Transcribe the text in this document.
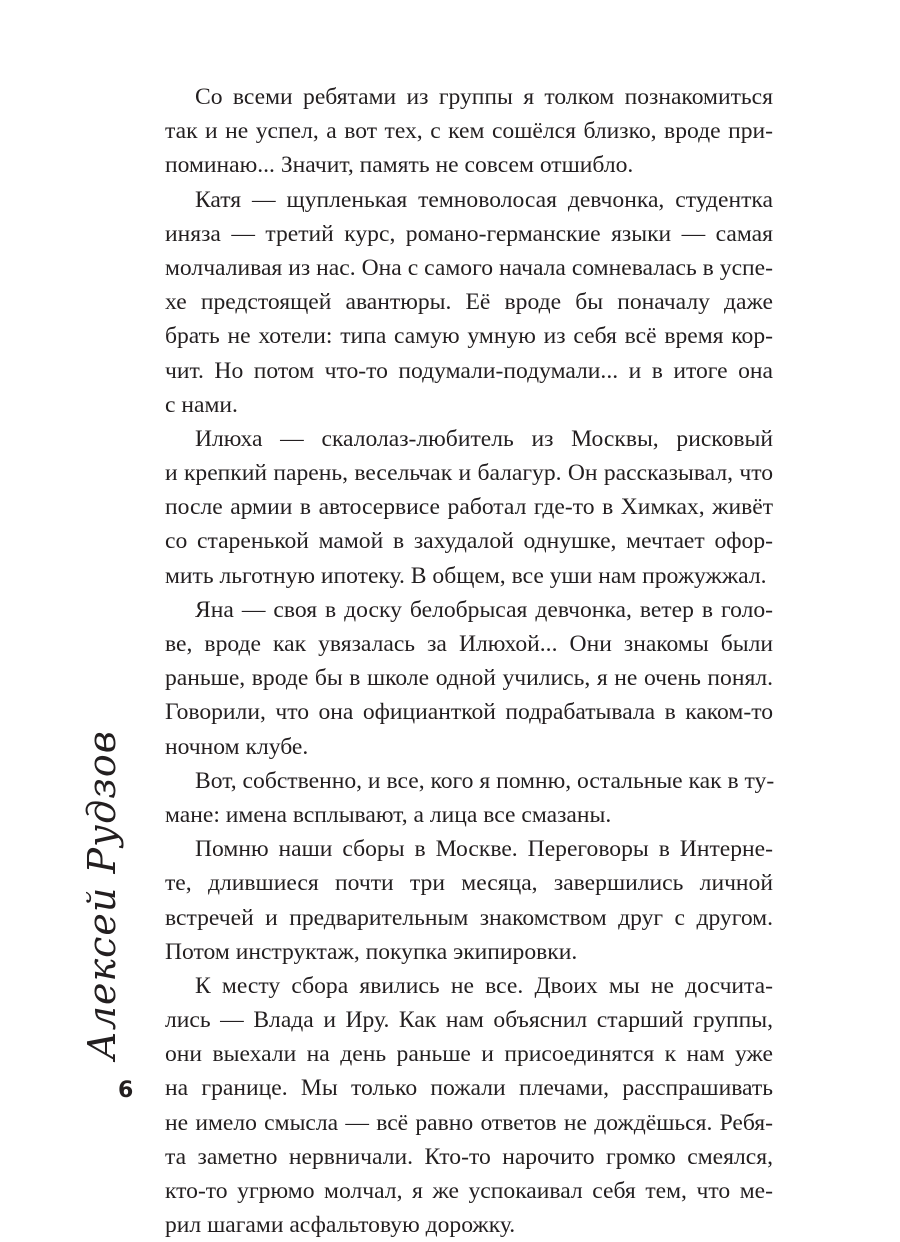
Со всеми ребятами из группы я толком познакомиться
так и не успел, а вот тех, с кем сошёлся близко, вроде при-
поминаю... Значит, память не совсем отшибло.
Катя — щупленькая темноволосая девчонка, студентка
иняза — третий курс, романо-германские языки — самая
молчаливая из нас. Она с самого начала сомневалась в успе-
хе предстоящей авантюры. Её вроде бы поначалу даже
брать не хотели: типа самую умную из себя всё время кор-
чит. Но потом что-то подумали-подумали... и в итоге она
с нами.
Илюха — скалолаз-любитель из Москвы, рисковый
и крепкий парень, весельчак и балагур. Он рассказывал, что
после армии в автосервисе работал где-то в Химках, живёт
со старенькой мамой в захудалой однушке, мечтает офор-
мить льготную ипотеку. В общем, все уши нам прожужжал.
Яна — своя в доску белобрысая девчонка, ветер в голо-
ве, вроде как увязалась за Илюхой... Они знакомы были
раньше, вроде бы в школе одной учились, я не очень понял.
Говорили, что она официанткой подрабатывала в каком-то
ночном клубе.
Вот, собственно, и все, кого я помню, остальные как в ту-
мане: имена всплывают, а лица все смазаны.
Помню наши сборы в Москве. Переговоры в Интерне-
те, длившиеся почти три месяца, завершились личной
встречей и предварительным знакомством друг с другом.
Потом инструктаж, покупка экипировки.
К месту сбора явились не все. Двоих мы не досчита-
лись — Влада и Иру. Как нам объяснил старший группы,
они выехали на день раньше и присоединятся к нам уже
на границе. Мы только пожали плечами, расспрашивать
не имело смысла — всё равно ответов не дождёшься. Ребя-
та заметно нервничали. Кто-то нарочито громко смеялся,
кто-то угрюмо молчал, я же успокаивал себя тем, что ме-
рил шагами асфальтовую дорожку.
Алексей Рудзов
6
